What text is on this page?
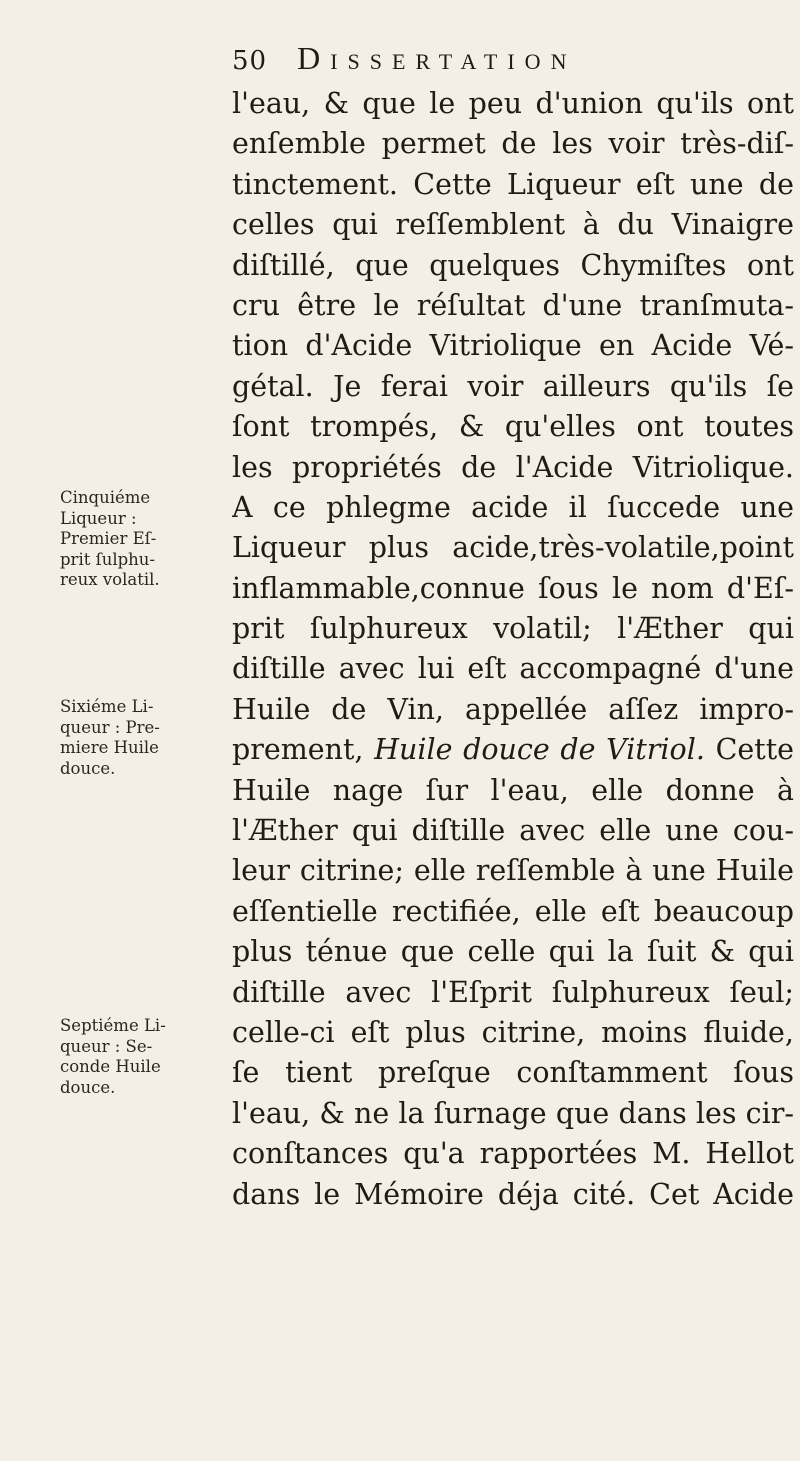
50 Dissertation
l'eau, & que le peu d'union qu'ils ont
enſemble permet de les voir très-diſ-
tinctement. Cette Liqueur eſt une de
celles qui reſſemblent à du Vinaigre
diſtillé, que quelques Chymiſtes ont
cru être le réſultat d'une tranſmuta-
tion d'Acide Vitriolique en Acide Vé-
gétal. Je ferai voir ailleurs qu'ils ſe
ſont trompés, & qu'elles ont toutes
les propriétés de l'Acide Vitriolique.
A ce phlegme acide il ſuccede une
Liqueur plus acide,très-volatile,point
inflammable,connue ſous le nom d'Eſ-
prit ſulphureux volatil; l'Æther qui
diſtille avec lui eſt accompagné d'une
Huile de Vin, appellée aſſez impro-
prement, Huile douce de Vitriol. Cette
Huile nage ſur l'eau, elle donne à
l'Æther qui diſtille avec elle une cou-
leur citrine; elle reſſemble à une Huile
eſſentielle rectifiée, elle eſt beaucoup
plus ténue que celle qui la ſuit & qui
diſtille avec l'Eſprit ſulphureux ſeul;
celle-ci eſt plus citrine, moins fluide,
ſe tient preſque conſtamment ſous
l'eau, & ne la ſurnage que dans les cir-
conſtances qu'a rapportées M. Hellot
dans le Mémoire déja cité. Cet Acide
Cinquiéme
Liqueur :
Premier Eſ-
prit ſulphu-
reux volatil.
Sixiéme Li-
queur : Pre-
miere Huile
douce.
Septiéme Li-
queur : Se-
conde Huile
douce.
